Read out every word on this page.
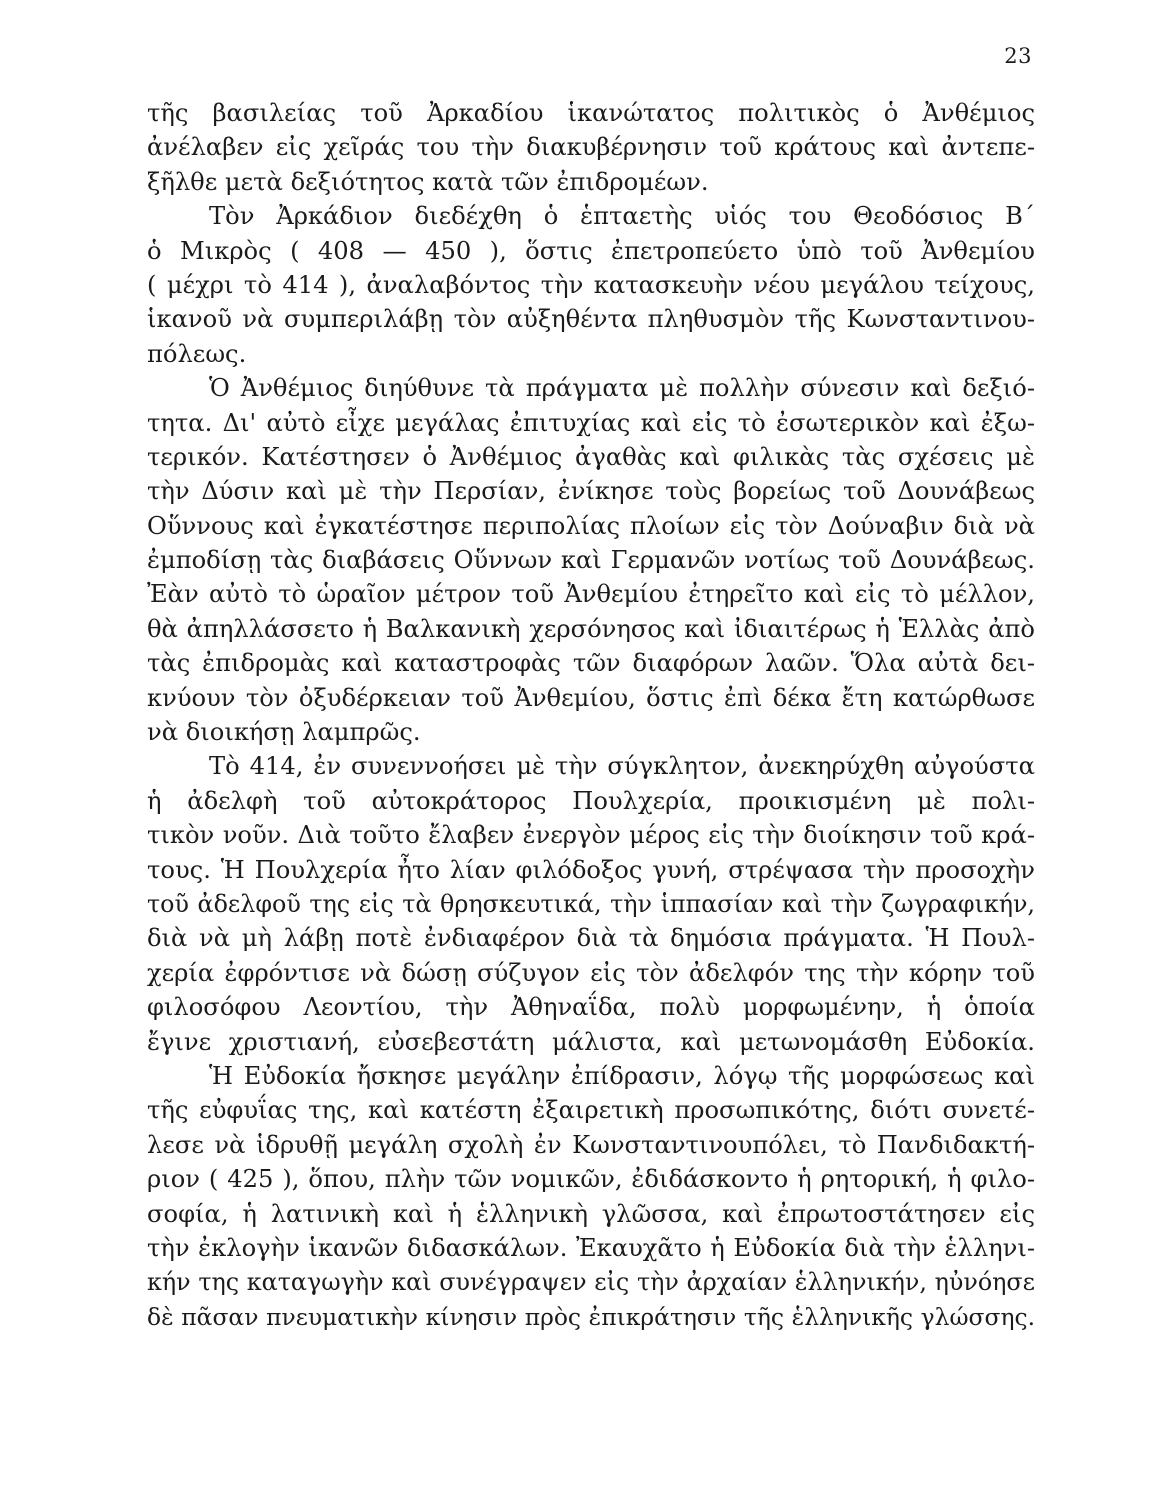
23
τῆς βασιλείας τοῦ Ἀρκαδίου ἱκανώτατος πολιτικὸς ὁ Ἀνθέμιος
ἀνέλαβεν εἰς χεῖράς του τὴν διακυβέρνησιν τοῦ κράτους καὶ ἀντεπε-
ξῆλθε μετὰ δεξιότητος κατὰ τῶν ἐπιδρομέων.
Τὸν Ἀρκάδιον διεδέχθη ὁ ἑπταετὴς υἱός του Θεοδόσιος Β΄
ὁ Μικρὸς ( 408 — 450 ), ὅστις ἐπετροπεύετο ὑπὸ τοῦ Ἀνθεμίου
( μέχρι τὸ 414 ), ἀναλαβόντος τὴν κατασκευὴν νέου μεγάλου τείχους,
ἱκανοῦ νὰ συμπεριλάβῃ τὸν αὐξηθέντα πληθυσμὸν τῆς Κωνσταντινου-
πόλεως.
Ὁ Ἀνθέμιος διηύθυνε τὰ πράγματα μὲ πολλὴν σύνεσιν καὶ δεξιό-
τητα. Δι' αὐτὸ εἶχε μεγάλας ἐπιτυχίας καὶ εἰς τὸ ἐσωτερικὸν καὶ ἐξω-
τερικόν. Κατέστησεν ὁ Ἀνθέμιος ἀγαθὰς καὶ φιλικὰς τὰς σχέσεις μὲ
τὴν Δύσιν καὶ μὲ τὴν Περσίαν, ἐνίκησε τοὺς βορείως τοῦ Δουνάβεως
Οὕννους καὶ ἐγκατέστησε περιπολίας πλοίων εἰς τὸν Δούναβιν διὰ νὰ
ἐμποδίσῃ τὰς διαβάσεις Οὕννων καὶ Γερμανῶν νοτίως τοῦ Δουνάβεως.
Ἐὰν αὐτὸ τὸ ὡραῖον μέτρον τοῦ Ἀνθεμίου ἐτηρεῖτο καὶ εἰς τὸ μέλλον,
θὰ ἀπηλλάσσετο ἡ Βαλκανικὴ χερσόνησος καὶ ἰδιαιτέρως ἡ Ἑλλὰς ἀπὸ
τὰς ἐπιδρομὰς καὶ καταστροφὰς τῶν διαφόρων λαῶν. Ὅλα αὐτὰ δει-
κνύουν τὸν ὀξυδέρκειαν τοῦ Ἀνθεμίου, ὅστις ἐπὶ δέκα ἔτη κατώρθωσε
νὰ διοικήσῃ λαμπρῶς.
Τὸ 414, ἐν συνεννοήσει μὲ τὴν σύγκλητον, ἀνεκηρύχθη αὐγούστα
ἡ ἀδελφὴ τοῦ αὐτοκράτορος Πουλχερία, προικισμένη μὲ πολι-
τικὸν νοῦν. Διὰ τοῦτο ἔλαβεν ἐνεργὸν μέρος εἰς τὴν διοίκησιν τοῦ κρά-
τους. Ἡ Πουλχερία ἦτο λίαν φιλόδοξος γυνή, στρέψασα τὴν προσοχὴν
τοῦ ἀδελφοῦ της εἰς τὰ θρησκευτικά, τὴν ἱππασίαν καὶ τὴν ζωγραφικήν,
διὰ νὰ μὴ λάβῃ ποτὲ ἐνδιαφέρον διὰ τὰ δημόσια πράγματα. Ἡ Πουλ-
χερία ἐφρόντισε νὰ δώσῃ σύζυγον εἰς τὸν ἀδελφόν της τὴν κόρην τοῦ
φιλοσόφου Λεοντίου, τὴν Ἀθηναΐδα, πολὺ μορφωμένην, ἡ ὁποία
ἔγινε χριστιανή, εὐσεβεστάτη μάλιστα, καὶ μετωνομάσθη Εὐδοκία.
Ἡ Εὐδοκία ἤσκησε μεγάλην ἐπίδρασιν, λόγῳ τῆς μορφώσεως καὶ
τῆς εὐφυΐας της, καὶ κατέστη ἐξαιρετικὴ προσωπικότης, διότι συνετέ-
λεσε νὰ ἱδρυθῇ μεγάλη σχολὴ ἐν Κωνσταντινουπόλει, τὸ Πανδιδακτή-
ριον ( 425 ), ὅπου, πλὴν τῶν νομικῶν, ἐδιδάσκοντο ἡ ρητορική, ἡ φιλο-
σοφία, ἡ λατινικὴ καὶ ἡ ἑλληνικὴ γλῶσσα, καὶ ἐπρωτοστάτησεν εἰς
τὴν ἐκλογὴν ἱκανῶν διδασκάλων. Ἐκαυχᾶτο ἡ Εὐδοκία διὰ τὴν ἑλληνι-
κήν της καταγωγὴν καὶ συνέγραψεν εἰς τὴν ἀρχαίαν ἑλληνικήν, ηὐνόησε
δὲ πᾶσαν πνευματικὴν κίνησιν πρὸς ἐπικράτησιν τῆς ἑλληνικῆς γλώσσης.
